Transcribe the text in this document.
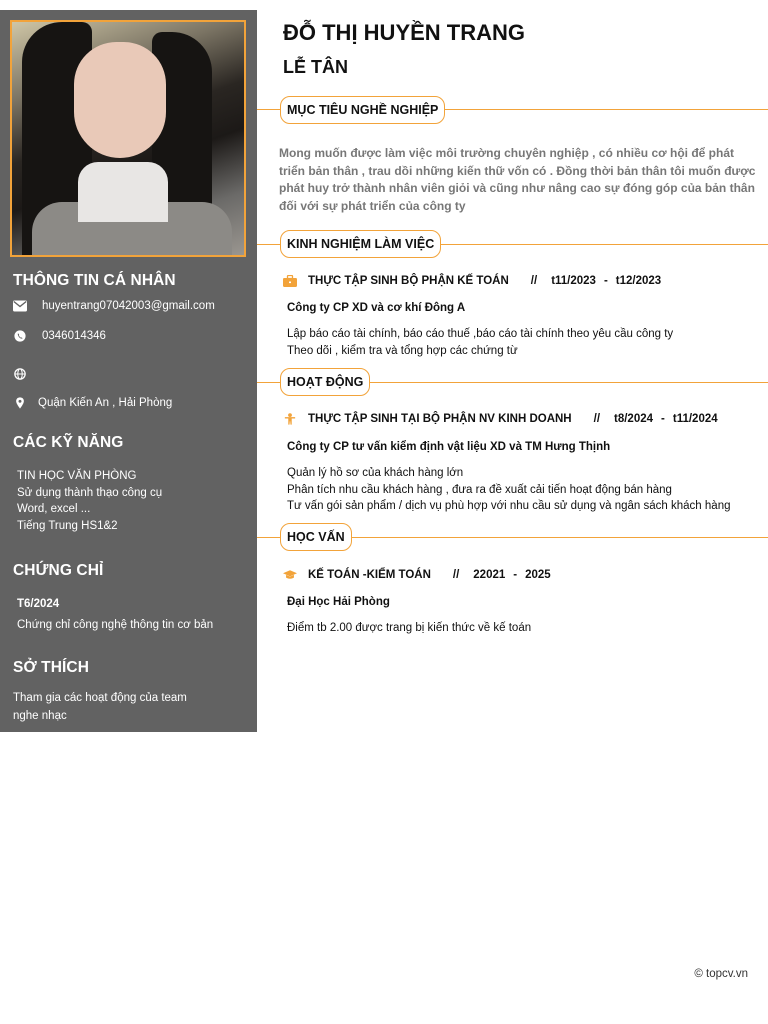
THÔNG TIN CÁ NHÂN
huyentrang07042003@gmail.com
0346014346
Quận Kiến An , Hải Phòng
CÁC KỸ NĂNG
TIN HỌC VĂN PHÒNG
Sử dụng thành thạo công cụ
Word, excel ...
Tiếng Trung HS1&2
CHỨNG CHỈ
T6/2024
Chứng chỉ công nghệ thông tin cơ bản
SỞ THÍCH
Tham gia các hoạt động của team
nghe nhạc
ĐỖ THỊ HUYỀN TRANG
LỄ TÂN
MỤC TIÊU NGHỀ NGHIỆP
Mong muốn được làm việc môi trường chuyên nghiệp , có nhiều cơ hội để phát triển bản thân , trau dồi những kiến thữ vốn có . Đồng thời bản thân tôi muốn được phát huy trở thành nhân viên giỏi và cũng như nâng cao sự đóng góp của bản thân đối với sự phát triển của công ty
KINH NGHIỆM LÀM VIỆC
THỰC TẬP SINH BỘ PHẬN KẾ TOÁN // t11/2023 - t12/2023
Công ty CP XD và cơ khí Đông A
Lập báo cáo tài chính, báo cáo thuế ,báo cáo tài chính theo yêu cầu công ty
Theo dõi , kiểm tra và tổng hợp các chứng từ
HOẠT ĐỘNG
THỰC TẬP SINH TẠI BỘ PHẬN NV KINH DOANH // t8/2024 - t11/2024
Công ty CP tư vấn kiểm định vật liệu XD và TM Hưng Thịnh
Quản lý hồ sơ của khách hàng lớn
Phân tích nhu cầu khách hàng , đưa ra đề xuất cải tiến hoạt động bán hàng
Tư vấn gói sản phẩm / dịch vụ phù hợp với nhu cầu sử dụng và ngân sách khách hàng
HỌC VẤN
KẾ TOÁN -KIỂM TOÁN // 22021 - 2025
Đại Học Hải Phòng
Điểm tb 2.00 được trang bị kiến thức về kế toán
© topcv.vn
